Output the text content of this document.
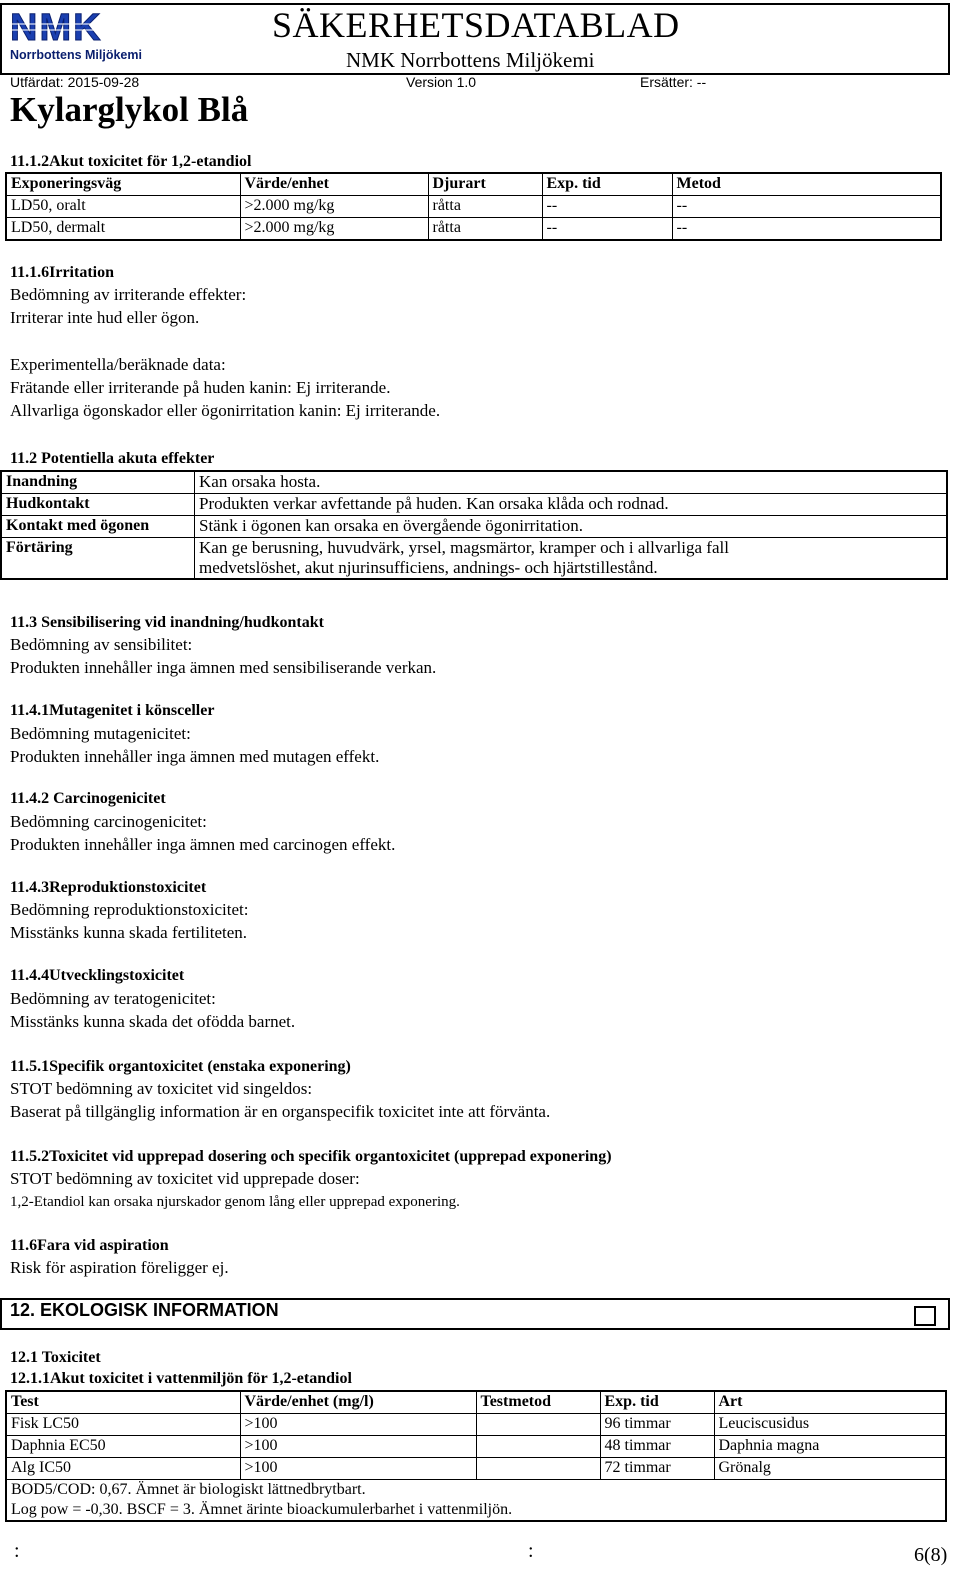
NMK
Norrbottens Miljökemi
SÄKERHETSDATABLAD
NMK Norrbottens Miljökemi
Utfärdat: 2015-09-28	Version 1.0	Ersätter: --
Kylarglykol Blå
11.1.2Akut toxicitet för 1,2-etandiol
Exponeringsväg	Värde/enhet	Djurart	Exp. tid	Metod
LD50, oralt	>2.000 mg/kg	råtta	--	--
LD50, dermalt	>2.000 mg/kg	råtta	--	--
11.1.6Irritation
Bedömning av irriterande effekter:
Irriterar inte hud eller ögon.
Experimentella/beräknade data:
Frätande eller irriterande på huden kanin: Ej irriterande.
Allvarliga ögonskador eller ögonirritation kanin: Ej irriterande.
11.2 Potentiella akuta effekter
Inandning	Kan orsaka hosta.
Hudkontakt	Produkten verkar avfettande på huden. Kan orsaka klåda och rodnad.
Kontakt med ögonen	Stänk i ögonen kan orsaka en övergående ögonirritation.
Förtäring	Kan ge berusning, huvudvärk, yrsel, magsmärtor, kramper och i allvarliga fall
medvetslöshet, akut njurinsufficiens, andnings- och hjärtstillestånd.
11.3 Sensibilisering vid inandning/hudkontakt
Bedömning av sensibilitet:
Produkten innehåller inga ämnen med sensibiliserande verkan.
11.4.1Mutagenitet i könsceller
Bedömning mutagenicitet:
Produkten innehåller inga ämnen med mutagen effekt.
11.4.2 Carcinogenicitet
Bedömning carcinogenicitet:
Produkten innehåller inga ämnen med carcinogen effekt.
11.4.3Reproduktionstoxicitet
Bedömning reproduktionstoxicitet:
Misstänks kunna skada fertiliteten.
11.4.4Utvecklingstoxicitet
Bedömning av teratogenicitet:
Misstänks kunna skada det ofödda barnet.
11.5.1Specifik organtoxicitet (enstaka exponering)
STOT bedömning av toxicitet vid singeldos:
Baserat på tillgänglig information är en organspecifik toxicitet inte att förvänta.
11.5.2Toxicitet vid upprepad dosering och specifik organtoxicitet (upprepad exponering)
STOT bedömning av toxicitet vid upprepade doser:
1,2-Etandiol kan orsaka njurskador genom lång eller upprepad exponering.
11.6Fara vid aspiration
Risk för aspiration föreligger ej.
12. EKOLOGISK INFORMATION
12.1 Toxicitet
12.1.1Akut toxicitet i vattenmiljön för 1,2-etandiol
Test	Värde/enhet (mg/l)	Testmetod	Exp. tid	Art
Fisk LC50	>100		96 timmar	Leuciscusidus
Daphnia EC50	>100		48 timmar	Daphnia magna
Alg IC50	>100		72 timmar	Grönalg

BOD5/COD: 0,67. Ämnet är biologiskt lättnedbrytbart.
Log pow = -0,30. BSCF = 3. Ämnet ärinte bioackumulerbarhet i vattenmiljön.				
:	:	6(8)
